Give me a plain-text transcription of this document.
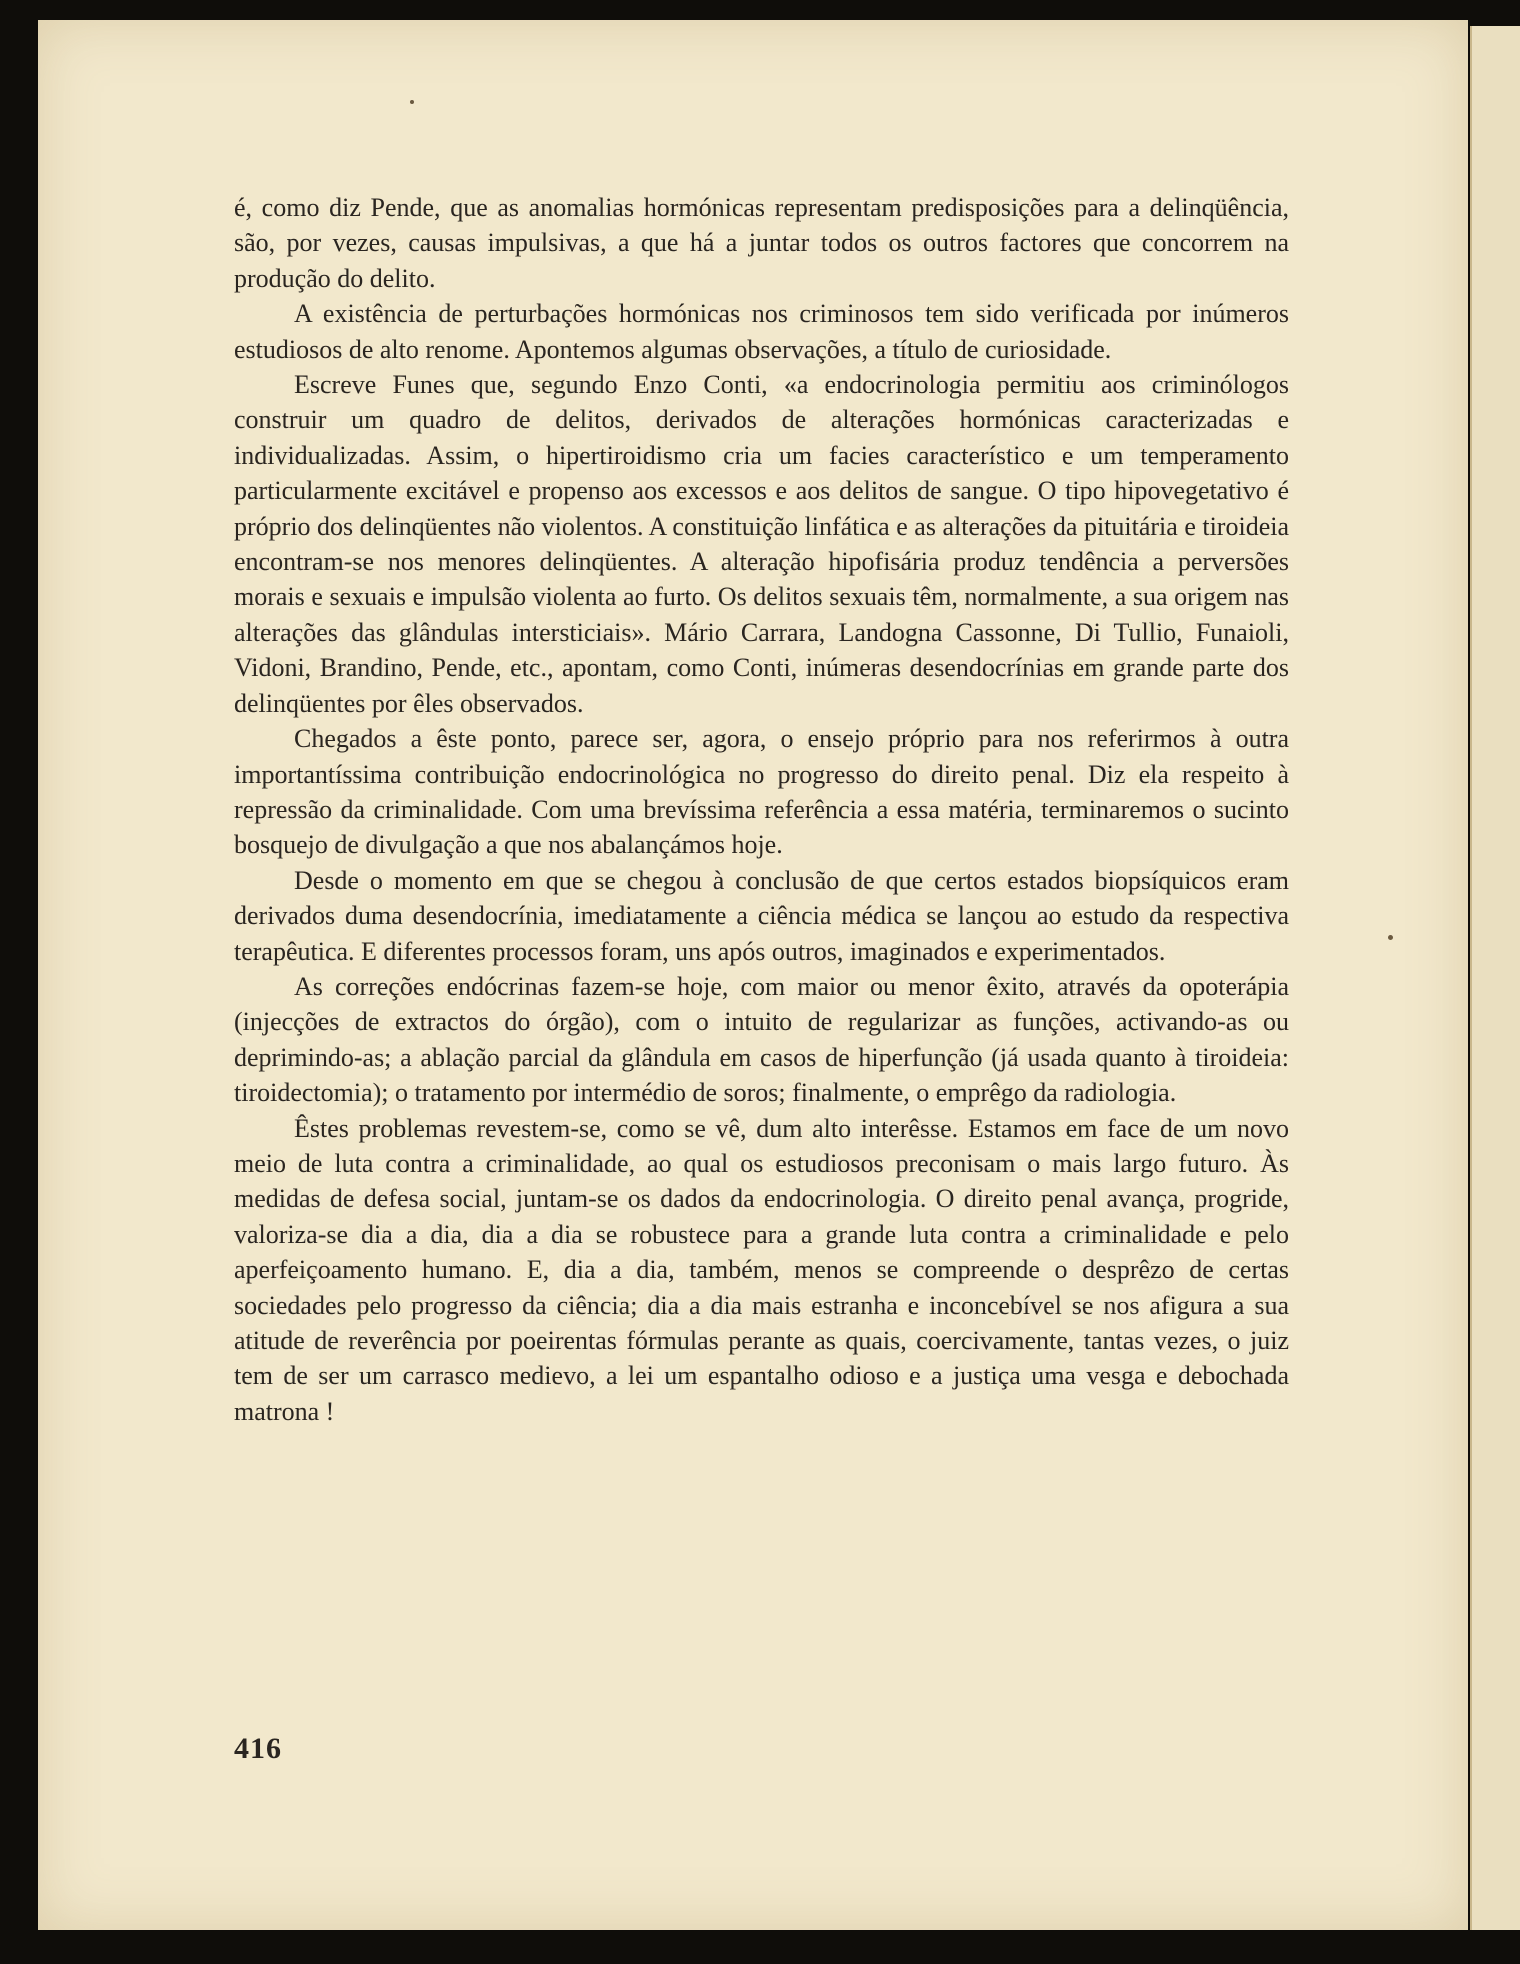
é, como diz Pende, que as anomalias hormónicas representam predisposições para a delinqüência, são, por vezes, causas impulsivas, a que há a juntar todos os outros factores que concorrem na produção do delito.

A existência de perturbações hormónicas nos criminosos tem sido verificada por inúmeros estudiosos de alto renome. Apontemos algumas observações, a título de curiosidade.

Escreve Funes que, segundo Enzo Conti, «a endocrinologia permitiu aos criminólogos construir um quadro de delitos, derivados de alterações hormónicas caracterizadas e individualizadas. Assim, o hipertiroidismo cria um facies característico e um temperamento particularmente excitável e propenso aos excessos e aos delitos de sangue. O tipo hipovegetativo é próprio dos delinqüentes não violentos. A constituição linfática e as alterações da pituitária e tiroideia encontram-se nos menores delinqüentes. A alteração hipofisária produz tendência a perversões morais e sexuais e impulsão violenta ao furto. Os delitos sexuais têm, normalmente, a sua origem nas alterações das glândulas intersticiais». Mário Carrara, Landogna Cassonne, Di Tullio, Funaioli, Vidoni, Brandino, Pende, etc., apontam, como Conti, inúmeras desendocrínias em grande parte dos delinqüentes por êles observados.

Chegados a êste ponto, parece ser, agora, o ensejo próprio para nos referirmos à outra importantíssima contribuição endocrinológica no progresso do direito penal. Diz ela respeito à repressão da criminalidade. Com uma brevíssima referência a essa matéria, terminaremos o sucinto bosquejo de divulgação a que nos abalançámos hoje.

Desde o momento em que se chegou à conclusão de que certos estados biopsíquicos eram derivados duma desendocrínia, imediatamente a ciência médica se lançou ao estudo da respectiva terapêutica. E diferentes processos foram, uns após outros, imaginados e experimentados.

As correções endócrinas fazem-se hoje, com maior ou menor êxito, através da opoterápia (injecções de extractos do órgão), com o intuito de regularizar as funções, activando-as ou deprimindo-as; a ablação parcial da glândula em casos de hiperfunção (já usada quanto à tiroideia: tiroidectomia); o tratamento por intermédio de soros; finalmente, o emprêgo da radiologia.

Êstes problemas revestem-se, como se vê, dum alto interêsse. Estamos em face de um novo meio de luta contra a criminalidade, ao qual os estudiosos preconisam o mais largo futuro. Às medidas de defesa social, juntam-se os dados da endocrinologia. O direito penal avança, progride, valoriza-se dia a dia, dia a dia se robustece para a grande luta contra a criminalidade e pelo aperfeiçoamento humano. E, dia a dia, também, menos se compreende o desprêzo de certas sociedades pelo progresso da ciência; dia a dia mais estranha e inconcebível se nos afigura a sua atitude de reverência por poeirentas fórmulas perante as quais, coercivamente, tantas vezes, o juiz tem de ser um carrasco medievo, a lei um espantalho odioso e a justiça uma vesga e debochada matrona !

416
